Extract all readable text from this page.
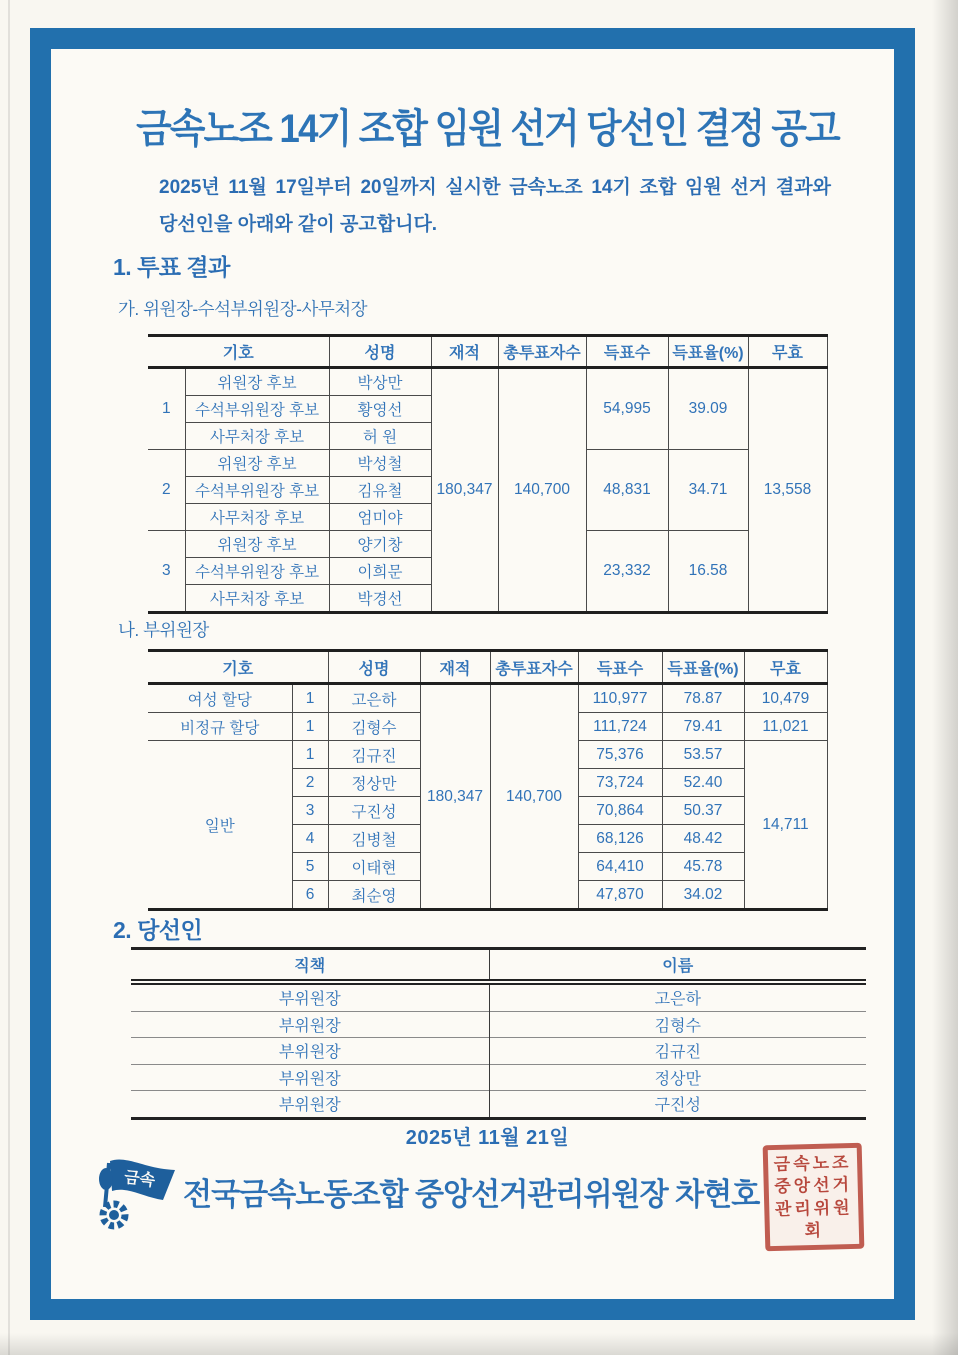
금속노조 14기 조합 임원 선거 당선인 결정 공고
2025년 11월 17일부터 20일까지 실시한 금속노조 14기 조합 임원 선거 결과와
당선인을 아래와 같이 공고합니다.
1. 투표 결과
가. 위원장-수석부위원장-사무처장
기호		성명	재적	총투표자수	득표수	득표율(%)	무효
1	위원장 후보	박상만	180,347	140,700	54,995	39.09	13,558
	수석부위원장 후보	황영선					
	사무처장 후보	허 원					
2	위원장 후보	박성철			48,831	34.71	
	수석부위원장 후보	김유철					
	사무처장 후보	엄미야					
3	위원장 후보	양기창			23,332	16.58	
	수석부위원장 후보	이희문					
	사무처장 후보	박경선					
나. 부위원장
기호		성명	재적	총투표자수	득표수	득표율(%)	무효
여성 할당	1	고은하	180,347	140,700	110,977	78.87	10,479
비정규 할당	1	김형수			111,724	79.41	11,021
일반	1	김규진			75,376	53.57	14,711
	2	정상만			73,724	52.40	
	3	구진성			70,864	50.37	
	4	김병철			68,126	48.42	
	5	이태현			64,410	45.78	
	6	최순영			47,870	34.02	
2. 당선인
직책	이름
부위원장	고은하
부위원장	김형수
부위원장	김규진
부위원장	정상만
부위원장	구진성
2025년 11월 21일
금속 전국금속노동조합 중앙선거관리위원장 차현호
금속노조
중앙선거
관리위원
회
